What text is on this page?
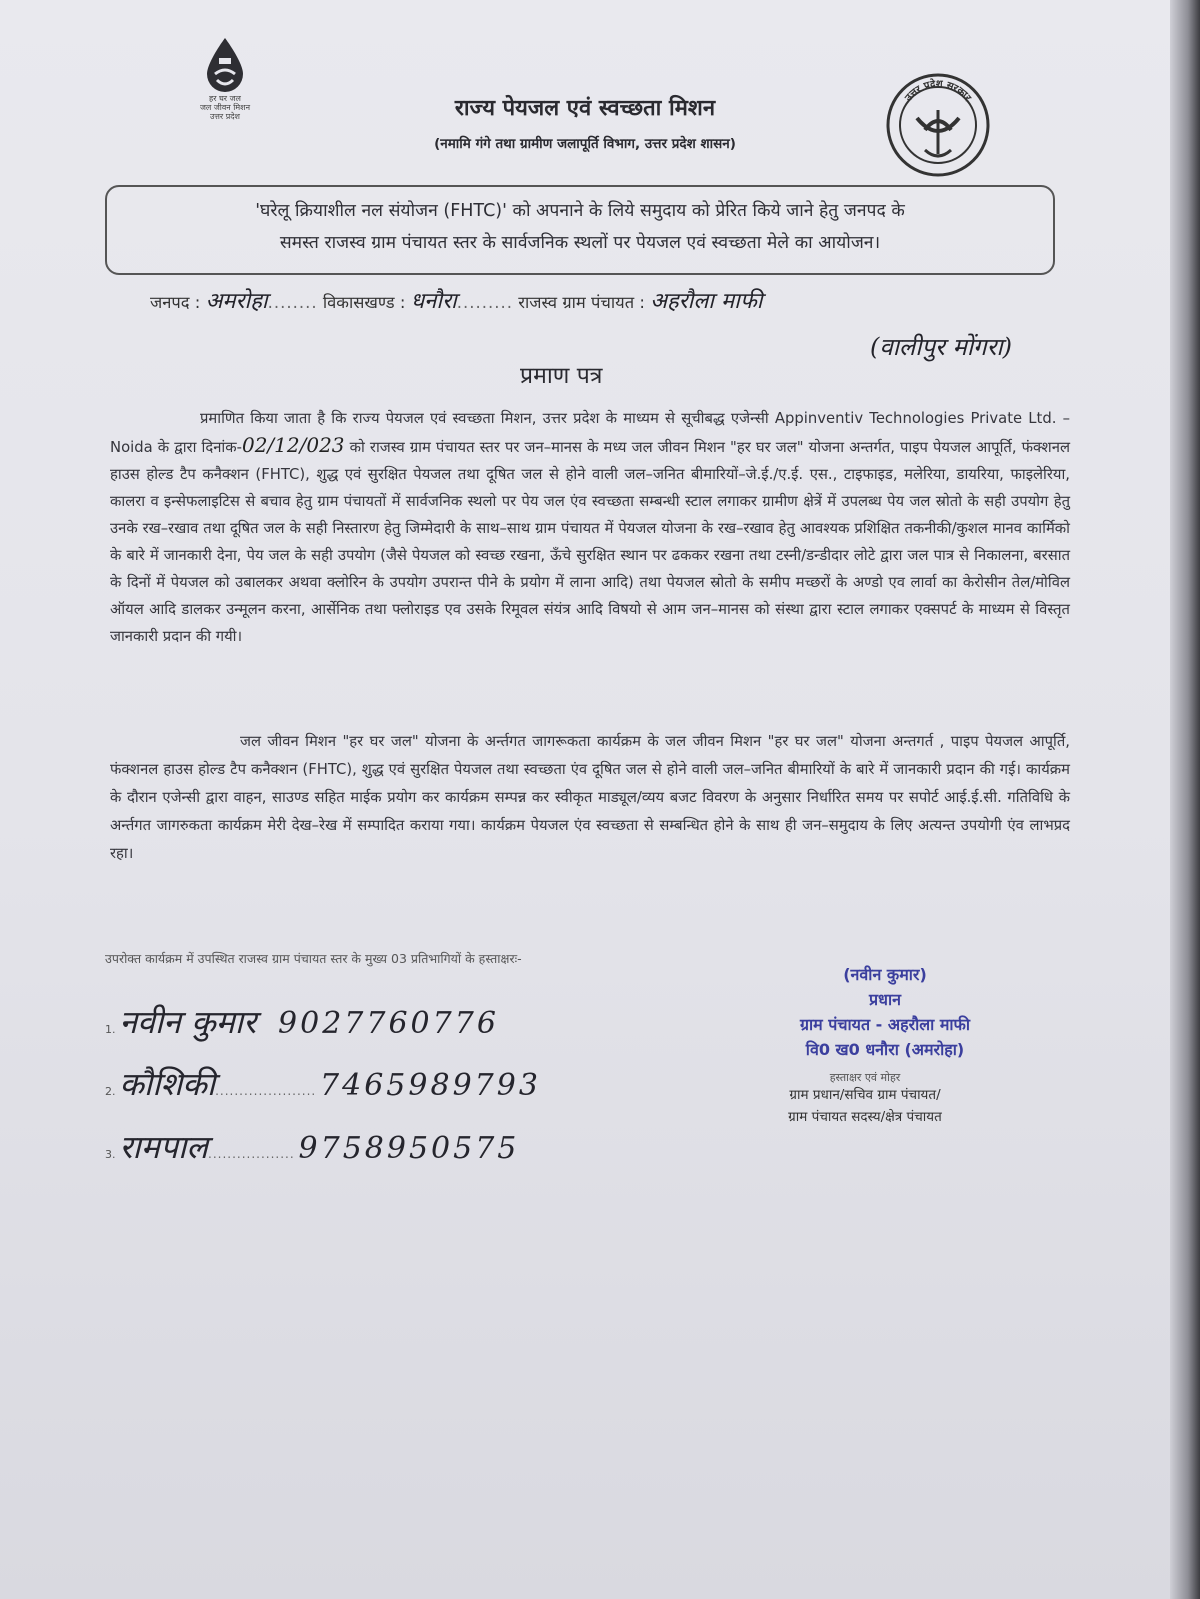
हर घर जल
जल जीवन मिशन
उत्तर प्रदेश	राज्य पेयजल एवं स्वच्छता मिशन
(नमामि गंगे तथा ग्रामीण जलापूर्ति विभाग, उत्तर प्रदेश शासन)
उत्तर प्रदेश सरकार
'घरेलू क्रियाशील नल संयोजन (FHTC)' को अपनाने के लिये समुदाय को प्रेरित किये जाने हेतु जनपद के
समस्त राजस्व ग्राम पंचायत स्तर के सार्वजनिक स्थलों पर पेयजल एवं स्वच्छता मेले का आयोजन।
जनपद : अमरोहा........ विकासखण्ड : धनौरा......... राजस्व ग्राम पंचायत : अहरौला माफी
(वालीपुर मोंगरा)
प्रमाण पत्र
प्रमाणित किया जाता है कि राज्य पेयजल एवं स्वच्छता मिशन, उत्तर प्रदेश के माध्यम से सूचीबद्ध एजेन्सी Appinventiv Technologies Private Ltd. – Noida के द्वारा दिनांक-02/12/023 को राजस्व ग्राम पंचायत स्तर पर जन–मानस के मध्य जल जीवन मिशन "हर घर जल" योजना अन्तर्गत, पाइप पेयजल आपूर्ति, फंक्शनल हाउस होल्ड टैप कनैक्शन (FHTC), शुद्ध एवं सुरक्षित पेयजल तथा दूषित जल से होने वाली जल–जनित बीमारियों–जे.ई./ए.ई. एस., टाइफाइड, मलेरिया, डायरिया, फाइलेरिया, कालरा व इन्सेफलाइटिस से बचाव हेतु ग्राम पंचायतों में सार्वजनिक स्थलो पर पेय जल एंव स्वच्छता सम्बन्धी स्टाल लगाकर ग्रामीण क्षेत्रें में उपलब्ध पेय जल स्रोतो के सही उपयोग हेतु उनके रख–रखाव तथा दूषित जल के सही निस्तारण हेतु जिम्मेदारी के साथ–साथ ग्राम पंचायत में पेयजल योजना के रख–रखाव हेतु आवश्यक प्रशिक्षित तकनीकी/कुशल मानव कार्मिको के बारे में जानकारी देना, पेय जल के सही उपयोग (जैसे पेयजल को स्वच्छ रखना, ऊँचे सुरक्षित स्थान पर ढककर रखना तथा टस्नी/डन्डीदार लोटे द्वारा जल पात्र से निकालना, बरसात के दिनों में पेयजल को उबालकर अथवा क्लोरिन के उपयोग उपरान्त पीने के प्रयोग में लाना आदि) तथा पेयजल स्रोतो के समीप मच्छरों के अण्डो एव लार्वा का केरोसीन तेल/मोविल ऑयल आदि डालकर उन्मूलन करना, आर्सेनिक तथा फ्लोराइड एव उसके रिमूवल संयंत्र आदि विषयो से आम जन–मानस को संस्था द्वारा स्टाल लगाकर एक्सपर्ट के माध्यम से विस्तृत जानकारी प्रदान की गयी।
जल जीवन मिशन "हर घर जल" योजना के अर्न्तगत जागरूकता कार्यक्रम के जल जीवन मिशन "हर घर जल" योजना अन्तगर्त , पाइप पेयजल आपूर्ति, फंक्शनल हाउस होल्ड टैप कनैक्शन (FHTC), शुद्ध एवं सुरक्षित पेयजल तथा स्वच्छता एंव दूषित जल से होने वाली जल–जनित बीमारियों के बारे में जानकारी प्रदान की गई। कार्यक्रम के दौरान एजेन्सी द्वारा वाहन, साउण्ड सहित माईक प्रयोग कर कार्यक्रम सम्पन्न कर स्वीकृत माड्यूल/व्यय बजट विवरण के अनुसार निर्धारित समय पर सपोर्ट आई.ई.सी. गतिविधि के अर्न्तगत जागरुकता कार्यक्रम मेरी देख–रेख में सम्पादित कराया गया। कार्यक्रम पेयजल एंव स्वच्छता से सम्बन्धित होने के साथ ही जन–समुदाय के लिए अत्यन्त उपयोगी एंव लाभप्रद रहा।
उपरोक्त कार्यक्रम में उपस्थित राजस्व ग्राम पंचायत स्तर के मुख्य 03 प्रतिभागियों के हस्ताक्षरः-
1. नवीन कुमार 9027760776
2. कौशिकी..................... 7465989793
3. रामपाल.................. 9758950575
(नवीन कुमार)
प्रधान
ग्राम पंचायत - अहरौला माफी
वि0 ख0 धनौरा (अमरोहा)
हस्ताक्षर एवं मोहर
ग्राम प्रधान/सचिव ग्राम पंचायत/
ग्राम पंचायत सदस्य/क्षेत्र पंचायत
